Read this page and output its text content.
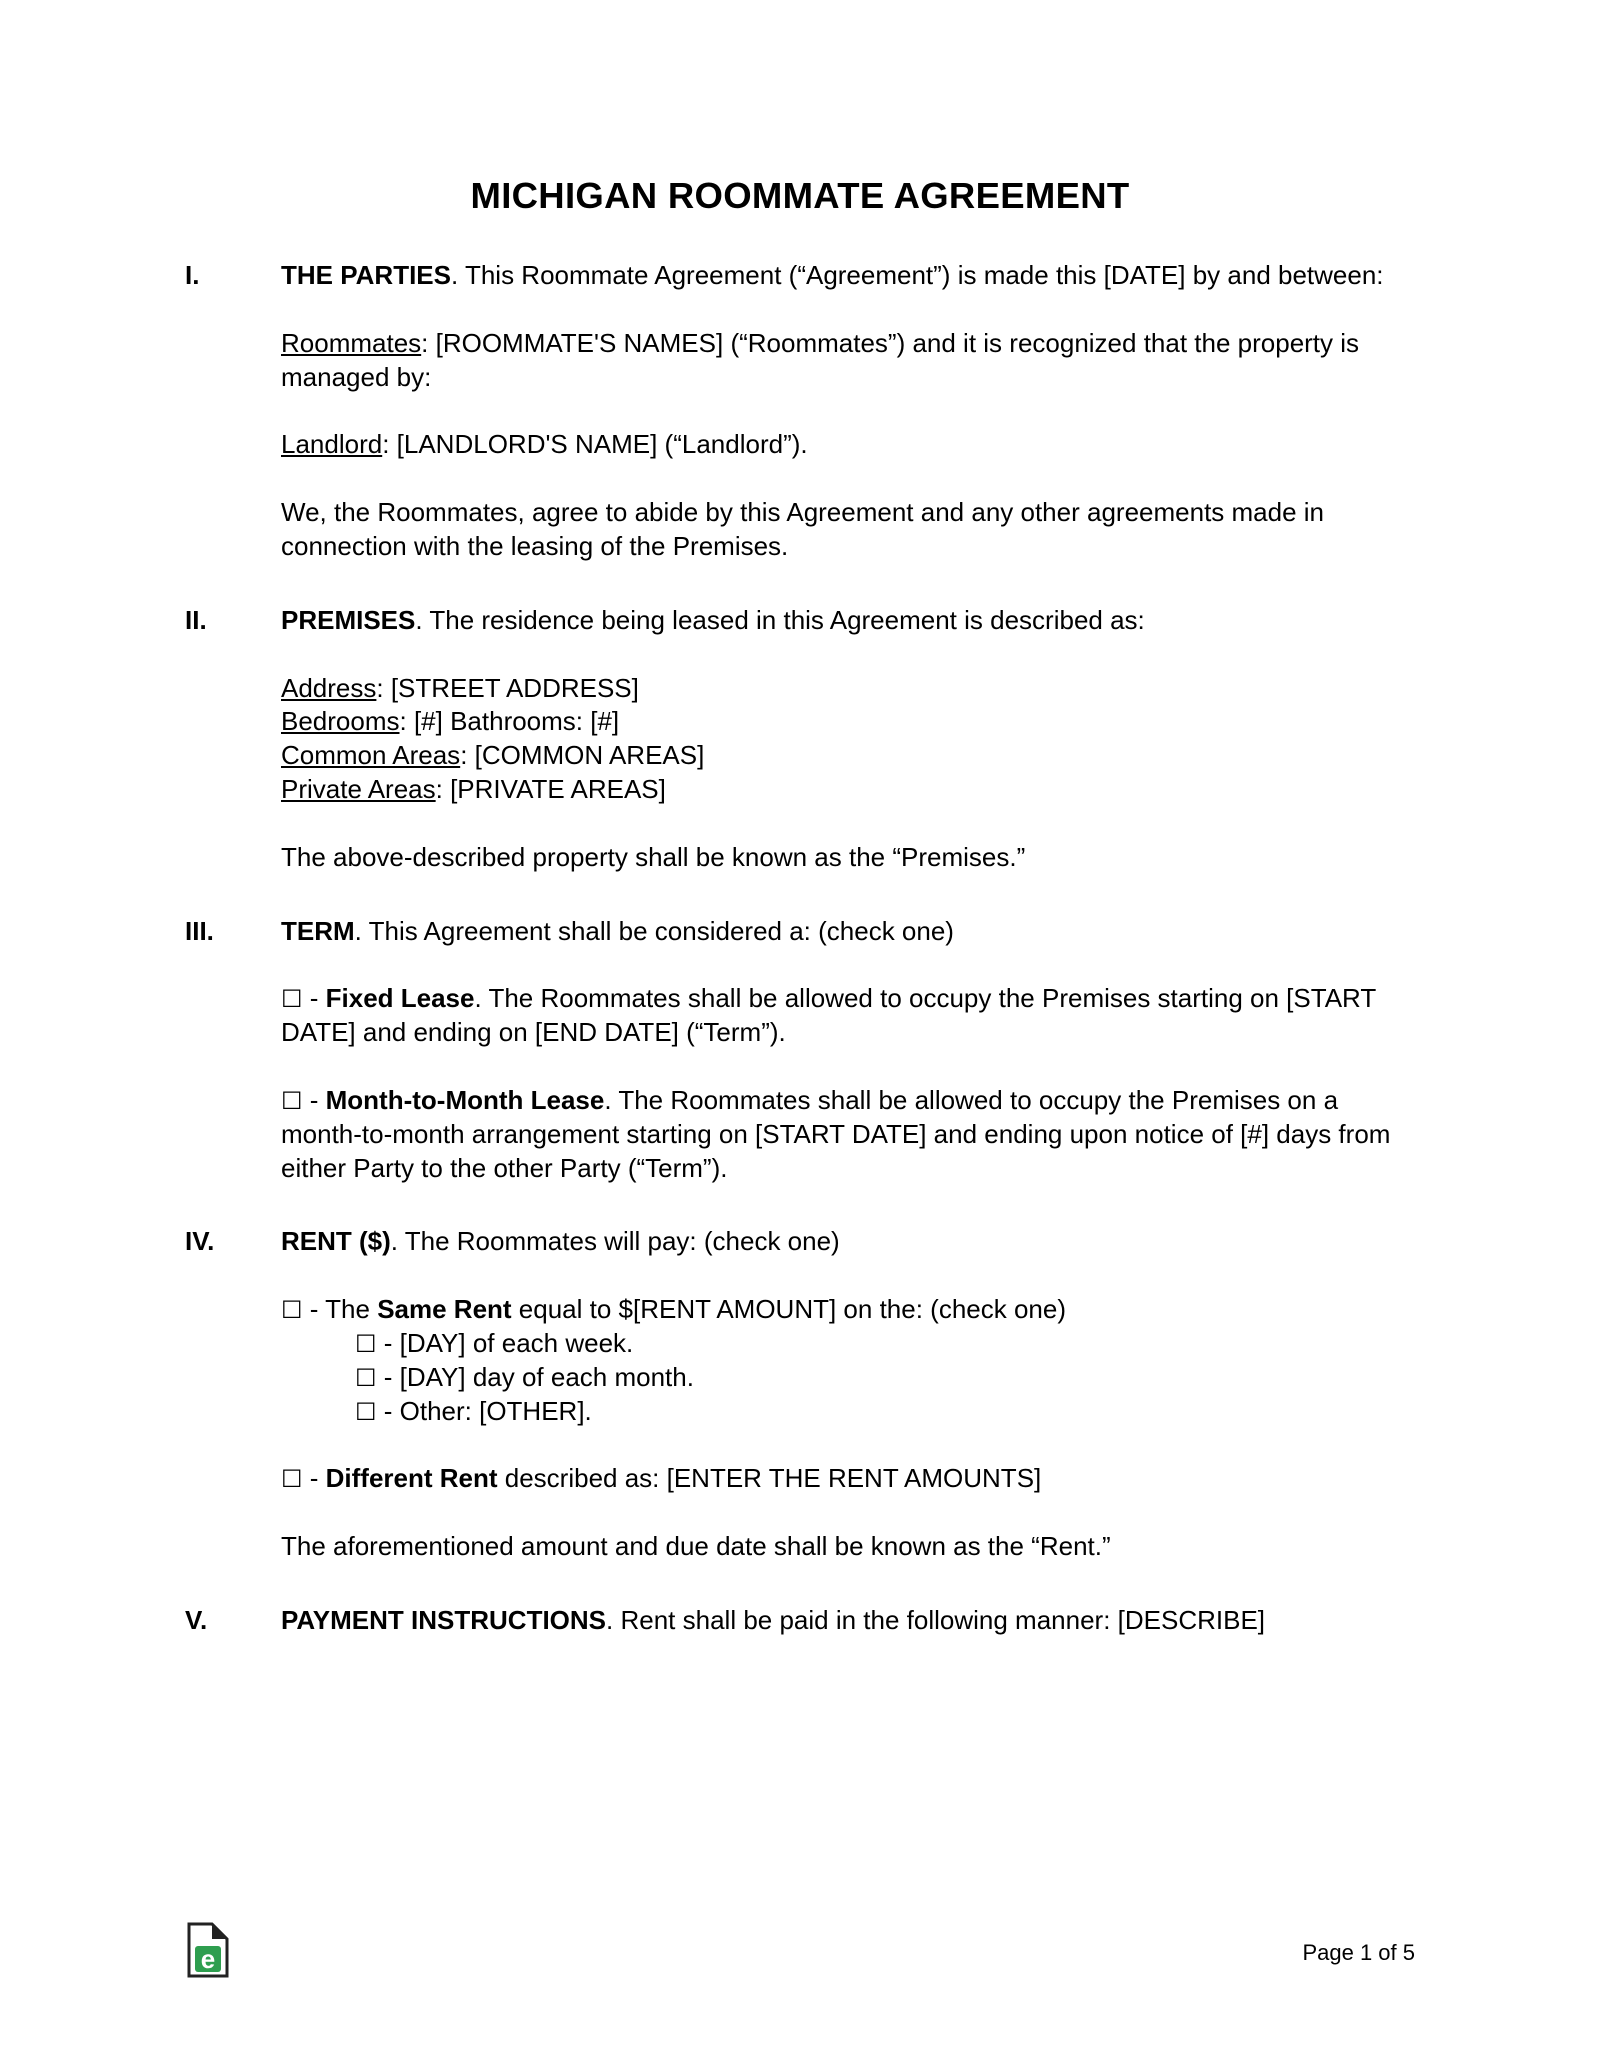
MICHIGAN ROOMMATE AGREEMENT
I.	THE PARTIES. This Roommate Agreement (“Agreement”) is made this [DATE] by and between:
Roommates: [ROOMMATE'S NAMES] (“Roommates”) and it is recognized that the property is managed by:
Landlord: [LANDLORD'S NAME] (“Landlord”).
We, the Roommates, agree to abide by this Agreement and any other agreements made in connection with the leasing of the Premises.
II.	PREMISES. The residence being leased in this Agreement is described as:
Address: [STREET ADDRESS]
Bedrooms: [#] Bathrooms: [#]
Common Areas: [COMMON AREAS]
Private Areas: [PRIVATE AREAS]
The above-described property shall be known as the “Premises.”
III.	TERM. This Agreement shall be considered a: (check one)
☐ - Fixed Lease. The Roommates shall be allowed to occupy the Premises starting on [START DATE] and ending on [END DATE] (“Term”).
☐ - Month-to-Month Lease. The Roommates shall be allowed to occupy the Premises on a month-to-month arrangement starting on [START DATE] and ending upon notice of [#] days from either Party to the other Party (“Term”).
IV.	RENT ($). The Roommates will pay: (check one)
☐ - The Same Rent equal to $[RENT AMOUNT] on the: (check one)
☐ - [DAY] of each week.
☐ - [DAY] day of each month.
☐ - Other: [OTHER].
☐ - Different Rent described as: [ENTER THE RENT AMOUNTS]
The aforementioned amount and due date shall be known as the “Rent.”
V.	PAYMENT INSTRUCTIONS. Rent shall be paid in the following manner: [DESCRIBE]
e	Page 1 of 5
